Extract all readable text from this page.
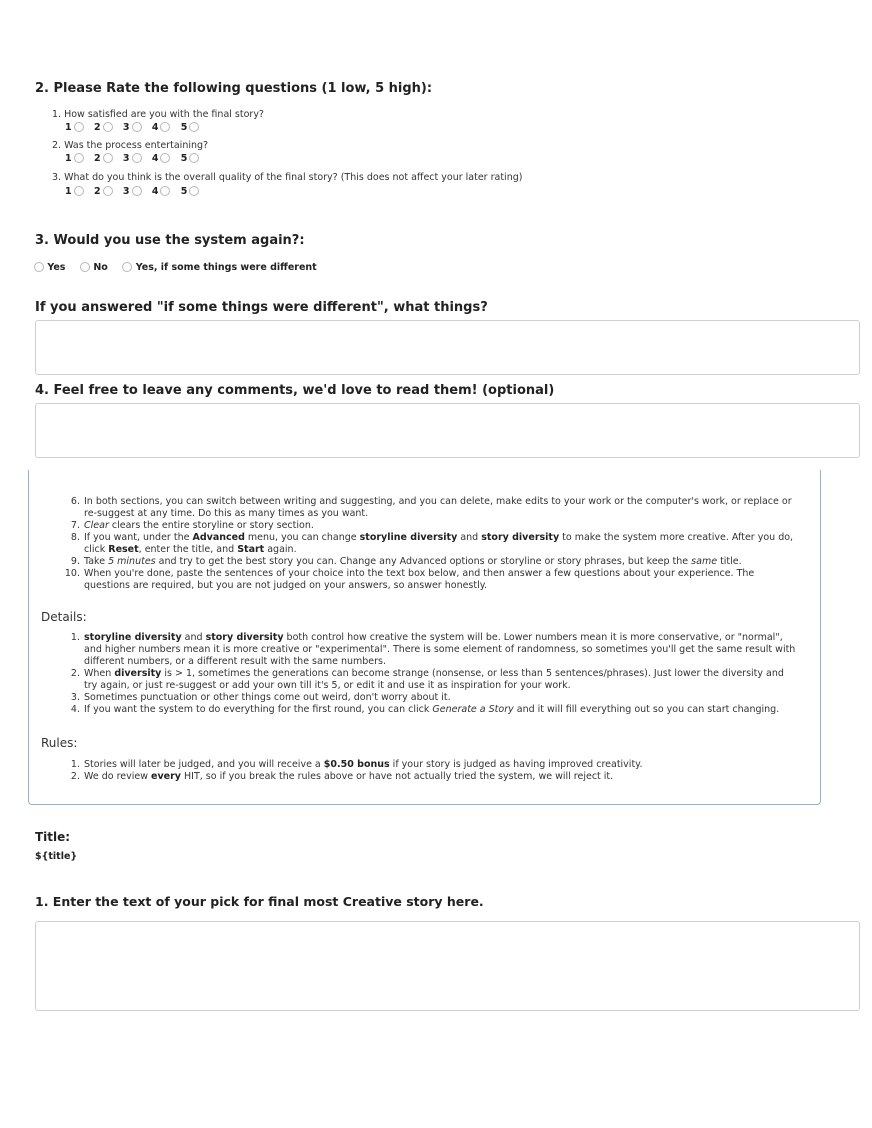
2. Please Rate the following questions (1 low, 5 high):
1. How satisfied are you with the final story?
1 2 3 4 5
2. Was the process entertaining?
1 2 3 4 5
3. What do you think is the overall quality of the final story? (This does not affect your later rating)
1 2 3 4 5
3. Would you use the system again?:
Yes	No	Yes, if some things were different
If you answered "if some things were different", what things?
4. Feel free to leave any comments, we'd love to read them! (optional)
6. In both sections, you can switch between writing and suggesting, and you can delete, make edits to your work or the computer's work, or replace or
re-suggest at any time. Do this as many times as you want.
7. Clear clears the entire storyline or story section.
8. If you want, under the Advanced menu, you can change storyline diversity and story diversity to make the system more creative. After you do,
click Reset, enter the title, and Start again.
9. Take 5 minutes and try to get the best story you can. Change any Advanced options or storyline or story phrases, but keep the same title.
10. When you're done, paste the sentences of your choice into the text box below, and then answer a few questions about your experience. The
questions are required, but you are not judged on your answers, so answer honestly.
Details:
1. storyline diversity and story diversity both control how creative the system will be. Lower numbers mean it is more conservative, or "normal",
and higher numbers mean it is more creative or "experimental". There is some element of randomness, so sometimes you'll get the same result with
different numbers, or a different result with the same numbers.
2. When diversity is > 1, sometimes the generations can become strange (nonsense, or less than 5 sentences/phrases). Just lower the diversity and
try again, or just re-suggest or add your own till it's 5, or edit it and use it as inspiration for your work.
3. Sometimes punctuation or other things come out weird, don't worry about it.
4. If you want the system to do everything for the first round, you can click Generate a Story and it will fill everything out so you can start changing.
Rules:
1. Stories will later be judged, and you will receive a $0.50 bonus if your story is judged as having improved creativity.
2. We do review every HIT, so if you break the rules above or have not actually tried the system, we will reject it.
Title:
${title}
1. Enter the text of your pick for final most Creative story here.
